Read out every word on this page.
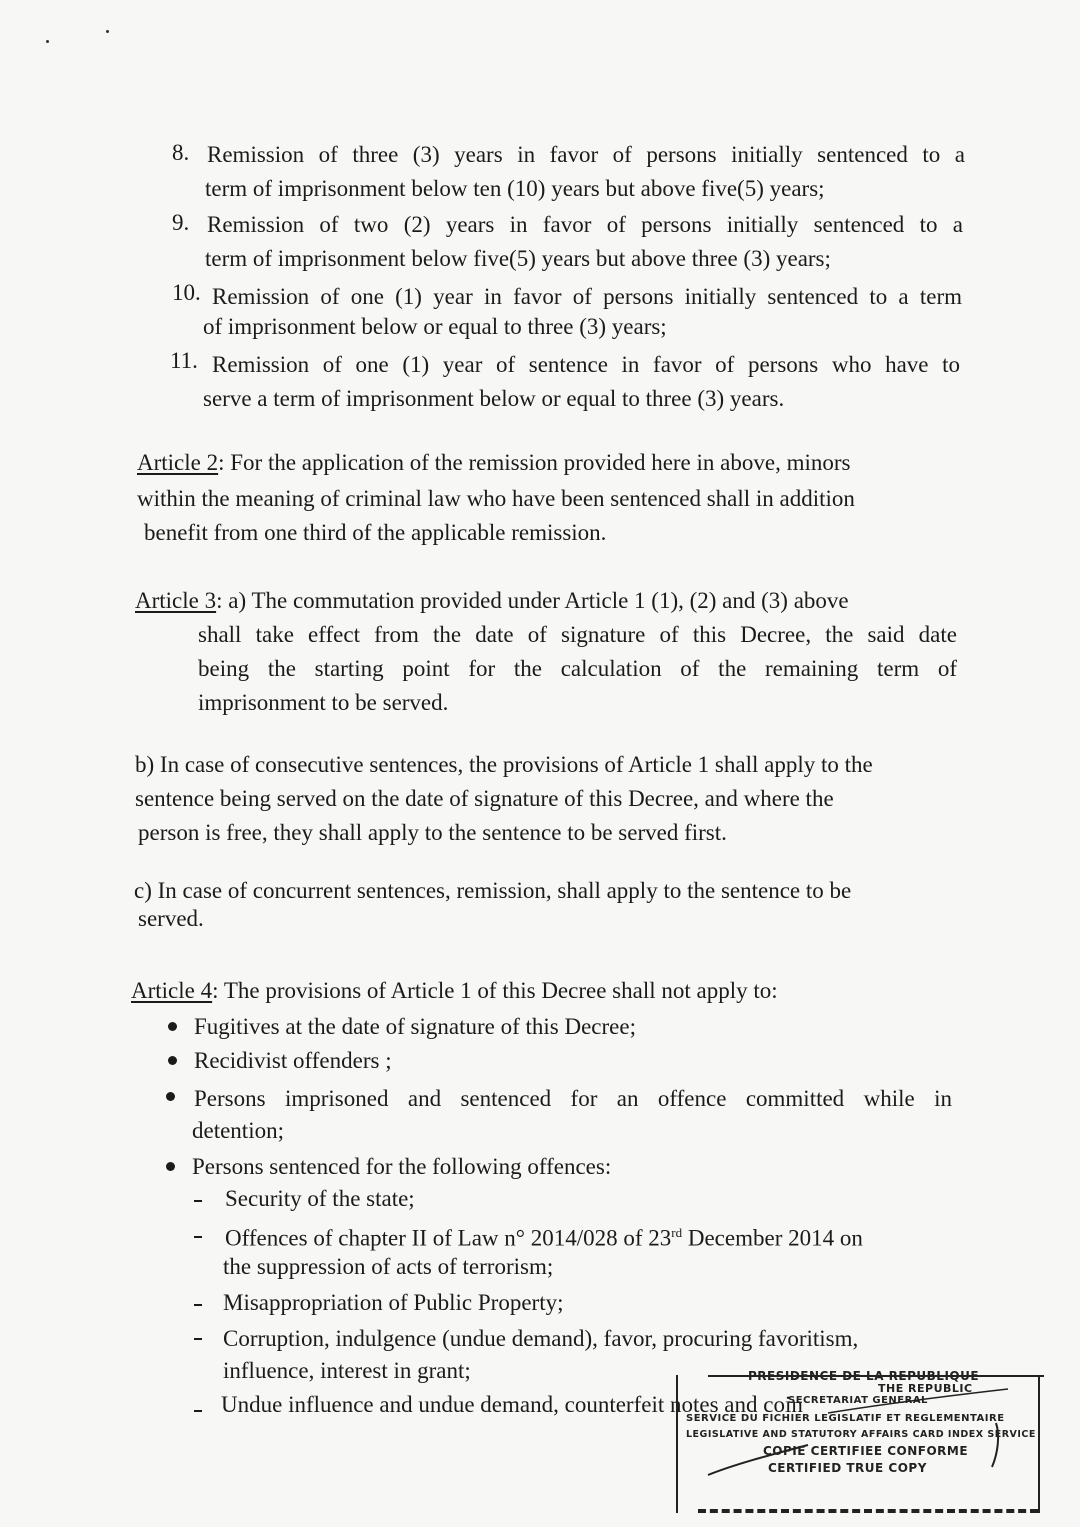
8. Remission of three (3) years in favor of persons initially sentenced to a
term of imprisonment below ten (10) years but above five(5) years;
9. Remission of two (2) years in favor of persons initially sentenced to a
term of imprisonment below five(5) years but above three (3) years;
10. Remission of one (1) year in favor of persons initially sentenced to a term
of imprisonment below or equal to three (3) years;
11. Remission of one (1) year of sentence in favor of persons who have to
serve a term of imprisonment below or equal to three (3) years.
Article 2: For the application of the remission provided here in above, minors
within the meaning of criminal law who have been sentenced shall in addition
benefit from one third of the applicable remission.
Article 3: a) The commutation provided under Article 1 (1), (2) and (3) above
shall take effect from the date of signature of this Decree, the said date
being the starting point for the calculation of the remaining term of
imprisonment to be served.
b) In case of consecutive sentences, the provisions of Article 1 shall apply to the
sentence being served on the date of signature of this Decree, and where the
person is free, they shall apply to the sentence to be served first.
c) In case of concurrent sentences, remission, shall apply to the sentence to be
served.
Article 4: The provisions of Article 1 of this Decree shall not apply to:
Fugitives at the date of signature of this Decree;
Recidivist offenders ;
Persons imprisoned and sentenced for an offence committed while in
detention;
Persons sentenced for the following offences:
Security of the state;
Offences of chapter II of Law n° 2014/028 of 23rd December 2014 on
the suppression of acts of terrorism;
Misappropriation of Public Property;
Corruption, indulgence (undue demand), favor, procuring favoritism,
influence, interest in grant;
Undue influence and undue demand, counterfeit notes and coin
PRESIDENCE DE LA REPUBLIQUE
THE REPUBLIC
SECRETARIAT GENERAL
SERVICE DU FICHIER LEGISLATIF ET REGLEMENTAIRE
LEGISLATIVE AND STATUTORY AFFAIRS CARD INDEX SERVICE
COPIE CERTIFIEE CONFORME
CERTIFIED TRUE COPY
